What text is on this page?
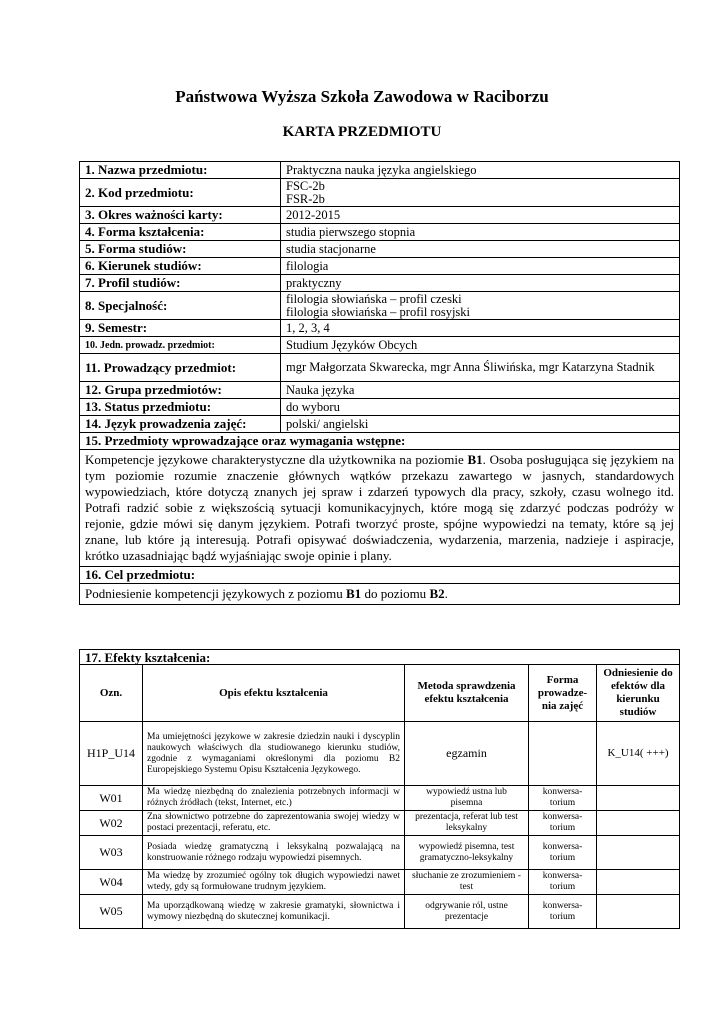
Państwowa Wyższa Szkoła Zawodowa w Raciborzu
KARTA PRZEDMIOTU
1. Nazwa przedmiotu:	Praktyczna nauka języka angielskiego

2. Kod przedmiotu:	FSC-2b
FSR-2b

3. Okres ważności karty:	2012-2015

4. Forma kształcenia:	studia pierwszego stopnia

5. Forma studiów:	studia stacjonarne

6. Kierunek studiów:	filologia

7. Profil studiów:	praktyczny

8. Specjalność:	filologia słowiańska – profil czeski
filologia słowiańska – profil rosyjski

9. Semestr:	1, 2, 3, 4

10. Jedn. prowadz. przedmiot:	Studium Języków Obcych

11. Prowadzący przedmiot:	mgr Małgorzata Skwarecka, mgr Anna Śliwińska, mgr Katarzyna Stadnik

12. Grupa przedmiotów:	Nauka języka

13. Status przedmiotu:	do wyboru

14. Język prowadzenia zajęć:	polski/ angielski

15. Przedmioty wprowadzające oraz wymagania wstępne:	
Kompetencje językowe charakterystyczne dla użytkownika na poziomie B1. Osoba posługująca się językiem na tym poziomie rozumie znaczenie głównych wątków przekazu zawartego w jasnych, standardowych wypowiedziach, które dotyczą znanych jej spraw i zdarzeń typowych dla pracy, szkoły, czasu wolnego itd. Potrafi radzić sobie z większością sytuacji komunikacyjnych, które mogą się zdarzyć podczas podróży w rejonie, gdzie mówi się danym językiem. Potrafi tworzyć proste, spójne wypowiedzi na tematy, które są jej znane, lub które ją interesują. Potrafi opisywać doświadczenia, wydarzenia, marzenia, nadzieje i aspiracje, krótko uzasadniając bądź wyjaśniając swoje opinie i plany.	
16. Cel przedmiotu:	
Podniesienie kompetencji językowych z poziomu B1 do poziomu B2.	
17. Efekty kształcenia:				
Ozn.	Opis efektu kształcenia	Metoda sprawdzenia efektu kształcenia	Forma prowadze-nia zajęć	Odniesienie do efektów dla kierunku studiów
H1P_U14	Ma umiejętności językowe w zakresie dziedzin nauki i dyscyplin naukowych właściwych dla studiowanego kierunku studiów, zgodnie z wymaganiami określonymi dla poziomu B2 Europejskiego Systemu Opisu Kształcenia Językowego.	egzamin		K_U14( +++)
W01	Ma wiedzę niezbędną do znalezienia potrzebnych informacji w różnych źródłach (tekst, Internet, etc.)	wypowiedź ustna lub pisemna	konwersa-torium	
W02	Zna słownictwo potrzebne do zaprezentowania swojej wiedzy w postaci prezentacji, referatu, etc.	prezentacja, referat lub test leksykalny	konwersa-torium	
W03	Posiada wiedzę gramatyczną i leksykalną pozwalającą na konstruowanie różnego rodzaju wypowiedzi pisemnych.	wypowiedź pisemna, test gramatyczno-leksykalny	konwersa-torium	
W04	Ma wiedzę by zrozumieć ogólny tok długich wypowiedzi nawet wtedy, gdy są formułowane trudnym językiem.	słuchanie ze zrozumieniem - test	konwersa-torium	
W05	Ma uporządkowaną wiedzę w zakresie gramatyki, słownictwa i wymowy niezbędną do skutecznej komunikacji.	odgrywanie ról, ustne prezentacje	konwersa-torium	
